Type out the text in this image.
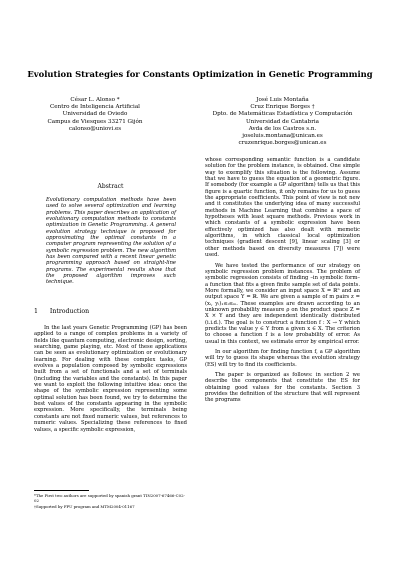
Evolution Strategies for Constants Optimization in Genetic Programming
César L. Alonso *
Centro de Inteligencia Artificial
Universidad de Oviedo
Campus de Viesques 33271 Gijón
calonso@uniovi.es
José Luis Montaña
Cruz Enrique Borges †
Dpto. de Matemáticas Estadística y Computación
Universidad de Cantabria
Avda de los Castros s.n.
joseluis.montana@unican.es
cruzenrique.borges@unican.es
Abstract
Evolutionary computation methods have been used to solve several optimization and learning problems. This paper describes an application of evolutionary computation methods to constants optimization in Genetic Programming. A general evolution strategy technique is proposed for approximating the optimal constants in a computer program representing the solution of a symbolic regression problem. The new algorithm has been compared with a recent linear genetic programming approach based on straight-line programs. The experimental results show that the proposed algorithm improves such technique.
1 Introduction

In the last years Genetic Programming (GP) has been applied to a range of complex problems in a variety of fields like quantum computing, electronic design, sorting, searching, game playing, etc. Most of these applications can be seen as evolutionary optimization or evolutionary learning. For dealing with these complex tasks, GP evolves a population composed by symbolic expressions built from a set of functionals and a set of terminals (including the variables and the constants). In this paper we want to exploit the following intuitive idea: once the shape of the symbolic expression representing some optimal solution has been found, we try to determine the best values of the constants appearing in the symbolic expression. More specifically, the terminals being constants are not fixed numeric values, but references to numeric values. Specializing these references to fixed values, a specific symbolic expression,

*The First two authors are supported by spanish grant TIN2007-67466-C02-02
†Supported by FPU program and MTM2004-01167

whose corresponding semantic function is a candidate solution for the problem instance, is obtained. One simple way to exemplify this situation is the following. Assume that we have to guess the equation of a geometric figure. If somebody (for example a GP algorithm) tells us that this figure is a quartic function, it only remains for us to guess the appropriate coefficients. This point of view is not new and it constitutes the underlying idea of many successful methods in Machine Learning that combine a space of hypotheses with least square methods. Previous work in which constants of a symbolic expression have been effectively optimized has also dealt with memetic algorithms, in which classical local optimization techniques (gradient descent [9], linear scaling [3] or other methods based on diversity measures [7]) were used.

We have tested the performance of our strategy on symbolic regression problem instances. The problem of symbolic regression consists of finding –in symbolic form– a function that fits a given finite sample set of data points. More formally, we consider an input space X = ℝⁿ and an output space Y = ℝ. We are given a sample of m pairs z = (xᵢ, yᵢ)₁≤ᵢ≤ₘ. These examples are drawn according to an unknown probability measure ρ on the product space Z = X × Y and they are independent identically distributed (i.i.d.). The goal is to construct a function f : X → Y which predicts the value y ∈ Y from a given x ∈ X. The criterion to choose a function f is a low probability of error. As usual in this context, we estimate error by empirical error.

In our algorithm for finding function f, a GP algorithm will try to guess its shape whereas the evolution strategy (ES) will try to find its coefficients.

The paper is organized as follows: in section 2 we describe the components that constitute the ES for obtaining good values for the constants. Section 3 provides the definition of the structure that will represent the programs
